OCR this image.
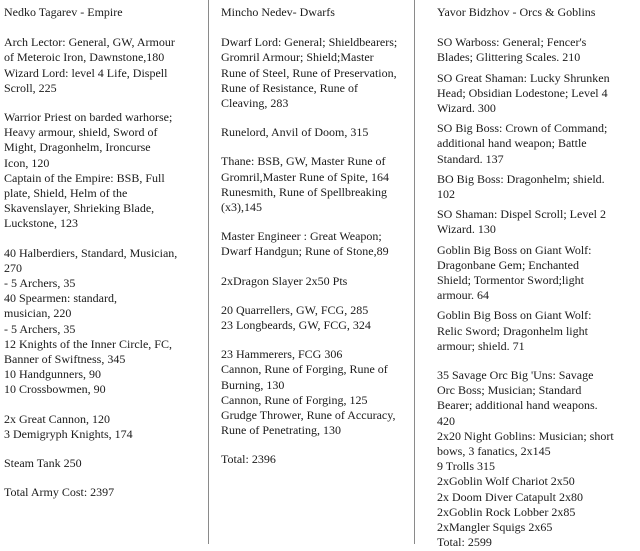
Nedko Tagarev - Empire
Arch Lector: General, GW, Armour
of Meteroic Iron, Dawnstone,180
Wizard Lord: level 4 Life, Dispell
Scroll, 225
Warrior Priest on barded warhorse;
Heavy armour, shield, Sword of
Might, Dragonhelm, Ironcurse
Icon, 120
Captain of the Empire: BSB, Full
plate, Shield, Helm of the
Skavenslayer, Shrieking Blade,
Luckstone, 123
40 Halberdiers, Standard, Musician,
270
- 5 Archers, 35
40 Spearmen: standard,
musician, 220
- 5 Archers, 35
12 Knights of the Inner Circle, FC,
Banner of Swiftness, 345
10 Handgunners, 90
10 Crossbowmen, 90
2x Great Cannon, 120
3 Demigryph Knights, 174
Steam Tank 250
Total Army Cost: 2397
Mincho Nedev- Dwarfs
Dwarf Lord: General; Shieldbearers;
Gromril Armour; Shield;Master
Rune of Steel, Rune of Preservation,
Rune of Resistance, Rune of
Cleaving, 283
Runelord, Anvil of Doom, 315
Thane: BSB, GW, Master Rune of
Gromril,Master Rune of Spite, 164
Runesmith, Rune of Spellbreaking
(x3),145
Master Engineer : Great Weapon;
Dwarf Handgun; Rune of Stone,89
2xDragon Slayer 2x50 Pts
20 Quarrellers, GW, FCG, 285
23 Longbeards, GW, FCG, 324
23 Hammerers, FCG 306
Cannon, Rune of Forging, Rune of
Burning, 130
Cannon, Rune of Forging, 125
Grudge Thrower, Rune of Accuracy,
Rune of Penetrating, 130
Total: 2396
Yavor Bidzhov - Orcs & Goblins
SO Warboss: General; Fencer's
Blades; Glittering Scales. 210
SO Great Shaman: Lucky Shrunken
Head; Obsidian Lodestone; Level 4
Wizard. 300
SO Big Boss: Crown of Command;
additional hand weapon; Battle
Standard. 137
BO Big Boss: Dragonhelm; shield.
102
SO Shaman: Dispel Scroll; Level 2
Wizard. 130
Goblin Big Boss on Giant Wolf:
Dragonbane Gem; Enchanted
Shield; Tormentor Sword;light
armour. 64
Goblin Big Boss on Giant Wolf:
Relic Sword; Dragonhelm light
armour; shield. 71
35 Savage Orc Big 'Uns: Savage
Orc Boss; Musician; Standard
Bearer; additional hand weapons.
420
2x20 Night Goblins: Musician; short
bows, 3 fanatics, 2x145
9 Trolls 315
2xGoblin Wolf Chariot 2x50
2x Doom Diver Catapult 2x80
2xGoblin Rock Lobber 2x85
2xMangler Squigs 2x65
Total: 2599
